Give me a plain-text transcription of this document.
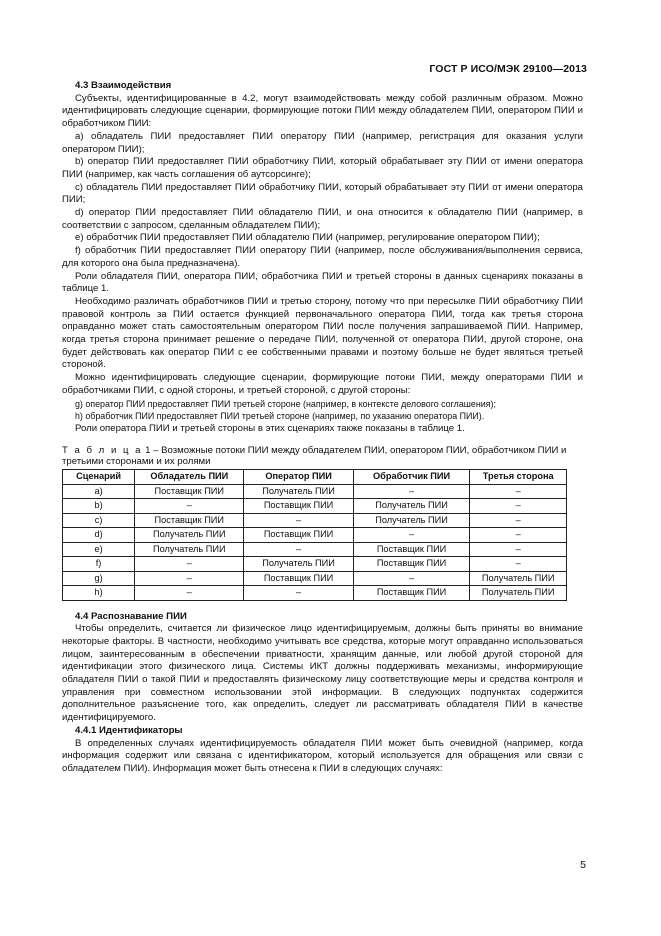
ГОСТ Р ИСО/МЭК 29100—2013

4.3 Взаимодействия

Субъекты, идентифицированные в 4.2, могут взаимодействовать между собой различным образом. Можно идентифицировать следующие сценарии, формирующие потоки ПИИ между обладателем ПИИ, оператором ПИИ и обработчиком ПИИ:

a) обладатель ПИИ предоставляет ПИИ оператору ПИИ (например, регистрация для оказания услуги оператором ПИИ);

b) оператор ПИИ предоставляет ПИИ обработчику ПИИ, который обрабатывает эту ПИИ от имени оператора ПИИ (например, как часть соглашения об аутсорсинге);

c) обладатель ПИИ предоставляет ПИИ обработчику ПИИ, который обрабатывает эту ПИИ от имени оператора ПИИ;

d) оператор ПИИ предоставляет ПИИ обладателю ПИИ, и она относится к обладателю ПИИ (например, в соответствии с запросом, сделанным обладателем ПИИ);

e) обработчик ПИИ предоставляет ПИИ обладателю ПИИ (например, регулирование оператором ПИИ);

f) обработчик ПИИ предоставляет ПИИ оператору ПИИ (например, после обслуживания/выполнения сервиса, для которого она была предназначена).

Роли обладателя ПИИ, оператора ПИИ, обработчика ПИИ и третьей стороны в данных сценариях показаны в таблице 1.

Необходимо различать обработчиков ПИИ и третью сторону, потому что при пересылке ПИИ обработчику ПИИ правовой контроль за ПИИ остается функцией первоначального оператора ПИИ, тогда как третья сторона оправданно может стать самостоятельным оператором ПИИ после получения запрашиваемой ПИИ. Например, когда третья сторона принимает решение о передаче ПИИ, полученной от оператора ПИИ, другой стороне, она будет действовать как оператор ПИИ с ее собственными правами и поэтому больше не будет являться третьей стороной.

Можно идентифицировать следующие сценарии, формирующие потоки ПИИ, между операторами ПИИ и обработчиками ПИИ, с одной стороны, и третьей стороной, с другой стороны:

g) оператор ПИИ предоставляет ПИИ третьей стороне (например, в контексте делового соглашения);

h) обработчик ПИИ предоставляет ПИИ третьей стороне (например, по указанию оператора ПИИ).

Роли оператора ПИИ и третьей стороны в этих сценариях также показаны в таблице 1.

Т а б л и ц а 1 – Возможные потоки ПИИ между обладателем ПИИ, оператором ПИИ, обработчиком ПИИ и третьими сторонами и их ролями

Сценарий	Обладатель ПИИ	Оператор ПИИ	Обработчик ПИИ	Третья сторона
a)	Поставщик ПИИ	Получатель ПИИ	–	–
b)	–	Поставщик ПИИ	Получатель ПИИ	–
c)	Поставщик ПИИ	–	Получатель ПИИ	–
d)	Получатель ПИИ	Поставщик ПИИ	–	–
e)	Получатель ПИИ	–	Поставщик ПИИ	–
f)	–	Получатель ПИИ	Поставщик ПИИ	–
g)	–	Поставщик ПИИ	–	Получатель ПИИ
h)	–	–	Поставщик ПИИ	Получатель ПИИ

4.4 Распознавание ПИИ

Чтобы определить, считается ли физическое лицо идентифицируемым, должны быть приняты во внимание некоторые факторы. В частности, необходимо учитывать все средства, которые могут оправданно использоваться лицом, заинтересованным в обеспечении приватности, хранящим данные, или любой другой стороной для идентификации этого физического лица. Системы ИКТ должны поддерживать механизмы, информирующие обладателя ПИИ о такой ПИИ и предоставлять физическому лицу соответствующие меры и средства контроля и управления при совместном использовании этой информации. В следующих подпунктах содержится дополнительное разъяснение того, как определить, следует ли рассматривать обладателя ПИИ в качестве идентифицируемого.

4.4.1 Идентификаторы

В определенных случаях идентифицируемость обладателя ПИИ может быть очевидной (например, когда информация содержит или связана с идентификатором, который используется для обращения или связи с обладателем ПИИ). Информация может быть отнесена к ПИИ в следующих случаях:

5
